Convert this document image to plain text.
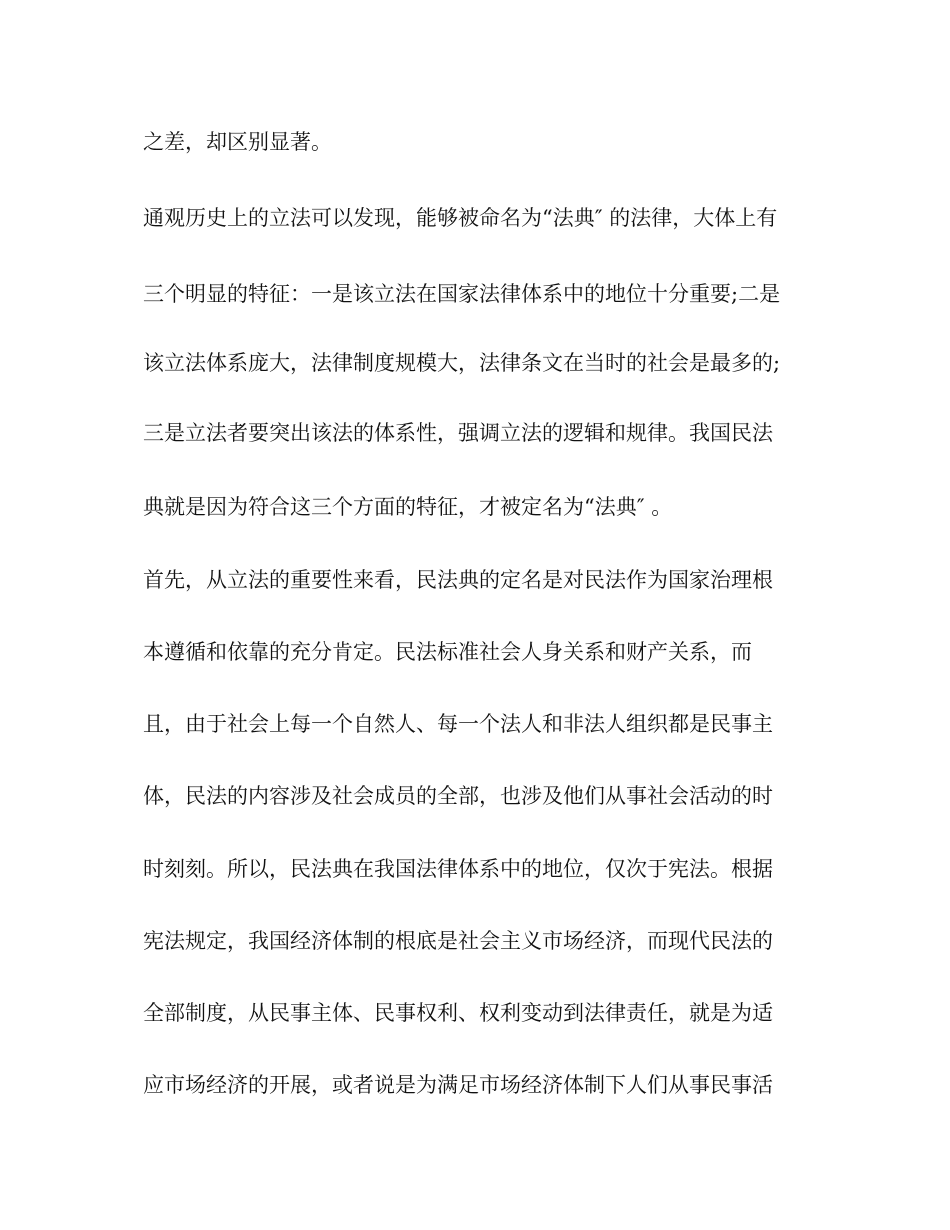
之差，却区别显著。
通观历史上的立法可以发现，能够被命名为“法典″ 的法律，大体上有
三个明显的特征：一是该立法在国家法律体系中的地位十分重要;二是
该立法体系庞大，法律制度规模大，法律条文在当时的社会是最多的;
三是立法者要突出该法的体系性，强调立法的逻辑和规律。我国民法
典就是因为符合这三个方面的特征，才被定名为“法典″ 。
首先，从立法的重要性来看，民法典的定名是对民法作为国家治理根
本遵循和依靠的充分肯定。民法标准社会人身关系和财产关系，而
且，由于社会上每一个自然人、每一个法人和非法人组织都是民事主
体，民法的内容涉及社会成员的全部，也涉及他们从事社会活动的时
时刻刻。所以，民法典在我国法律体系中的地位，仅次于宪法。根据
宪法规定，我国经济体制的根底是社会主义市场经济，而现代民法的
全部制度，从民事主体、民事权利、权利变动到法律责任，就是为适
应市场经济的开展，或者说是为满足市场经济体制下人们从事民事活
